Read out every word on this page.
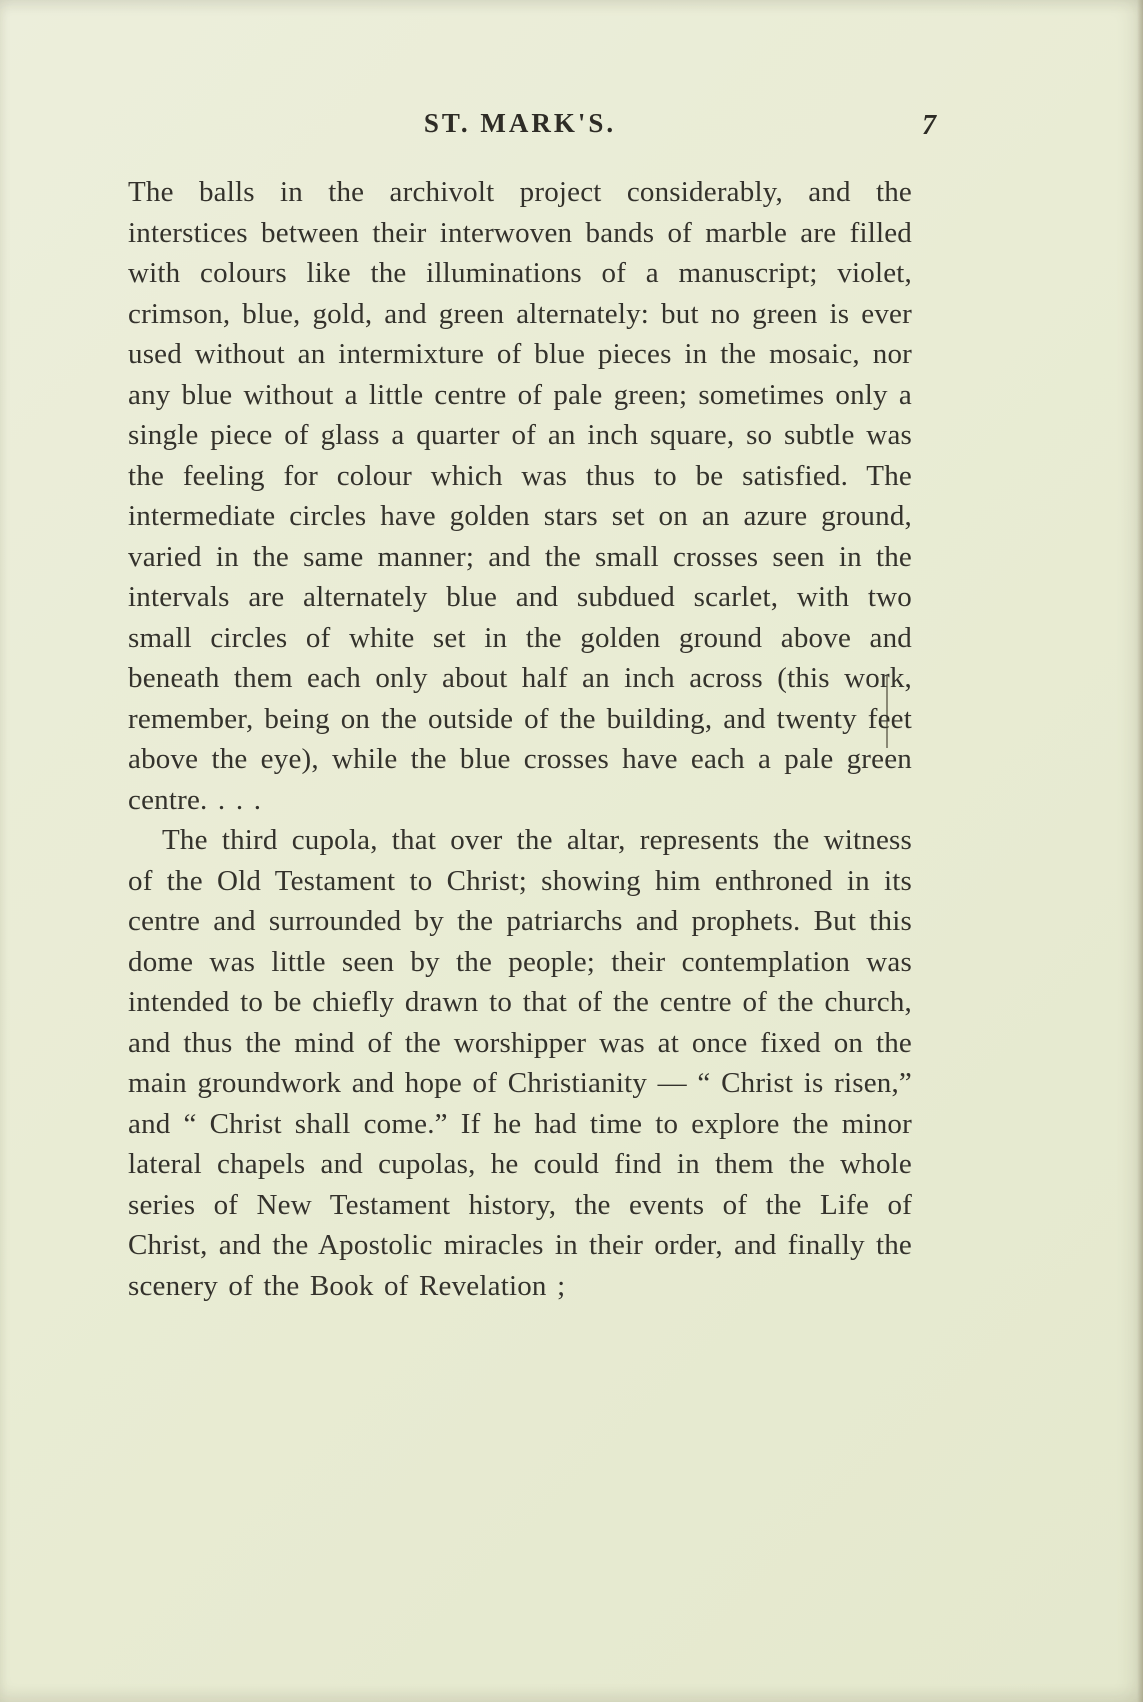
ST. MARK'S.	7

The balls in the archivolt project considerably, and the interstices between their interwoven bands of marble are filled with colours like the illuminations of a manuscript; violet, crimson, blue, gold, and green alternately: but no green is ever used without an intermixture of blue pieces in the mosaic, nor any blue without a little centre of pale green; sometimes only a single piece of glass a quarter of an inch square, so subtle was the feeling for colour which was thus to be satisfied. The intermediate circles have golden stars set on an azure ground, varied in the same manner; and the small crosses seen in the intervals are alternately blue and subdued scarlet, with two small circles of white set in the golden ground above and beneath them each only about half an inch across (this work, remember, being on the outside of the building, and twenty feet above the eye), while the blue crosses have each a pale green centre. . . .

The third cupola, that over the altar, represents the witness of the Old Testament to Christ; showing him enthroned in its centre and surrounded by the patriarchs and prophets. But this dome was little seen by the people; their contemplation was intended to be chiefly drawn to that of the centre of the church, and thus the mind of the worshipper was at once fixed on the main groundwork and hope of Christianity — “ Christ is risen,” and “ Christ shall come.” If he had time to explore the minor lateral chapels and cupolas, he could find in them the whole series of New Testament history, the events of the Life of Christ, and the Apostolic miracles in their order, and finally the scenery of the Book of Revelation ;
